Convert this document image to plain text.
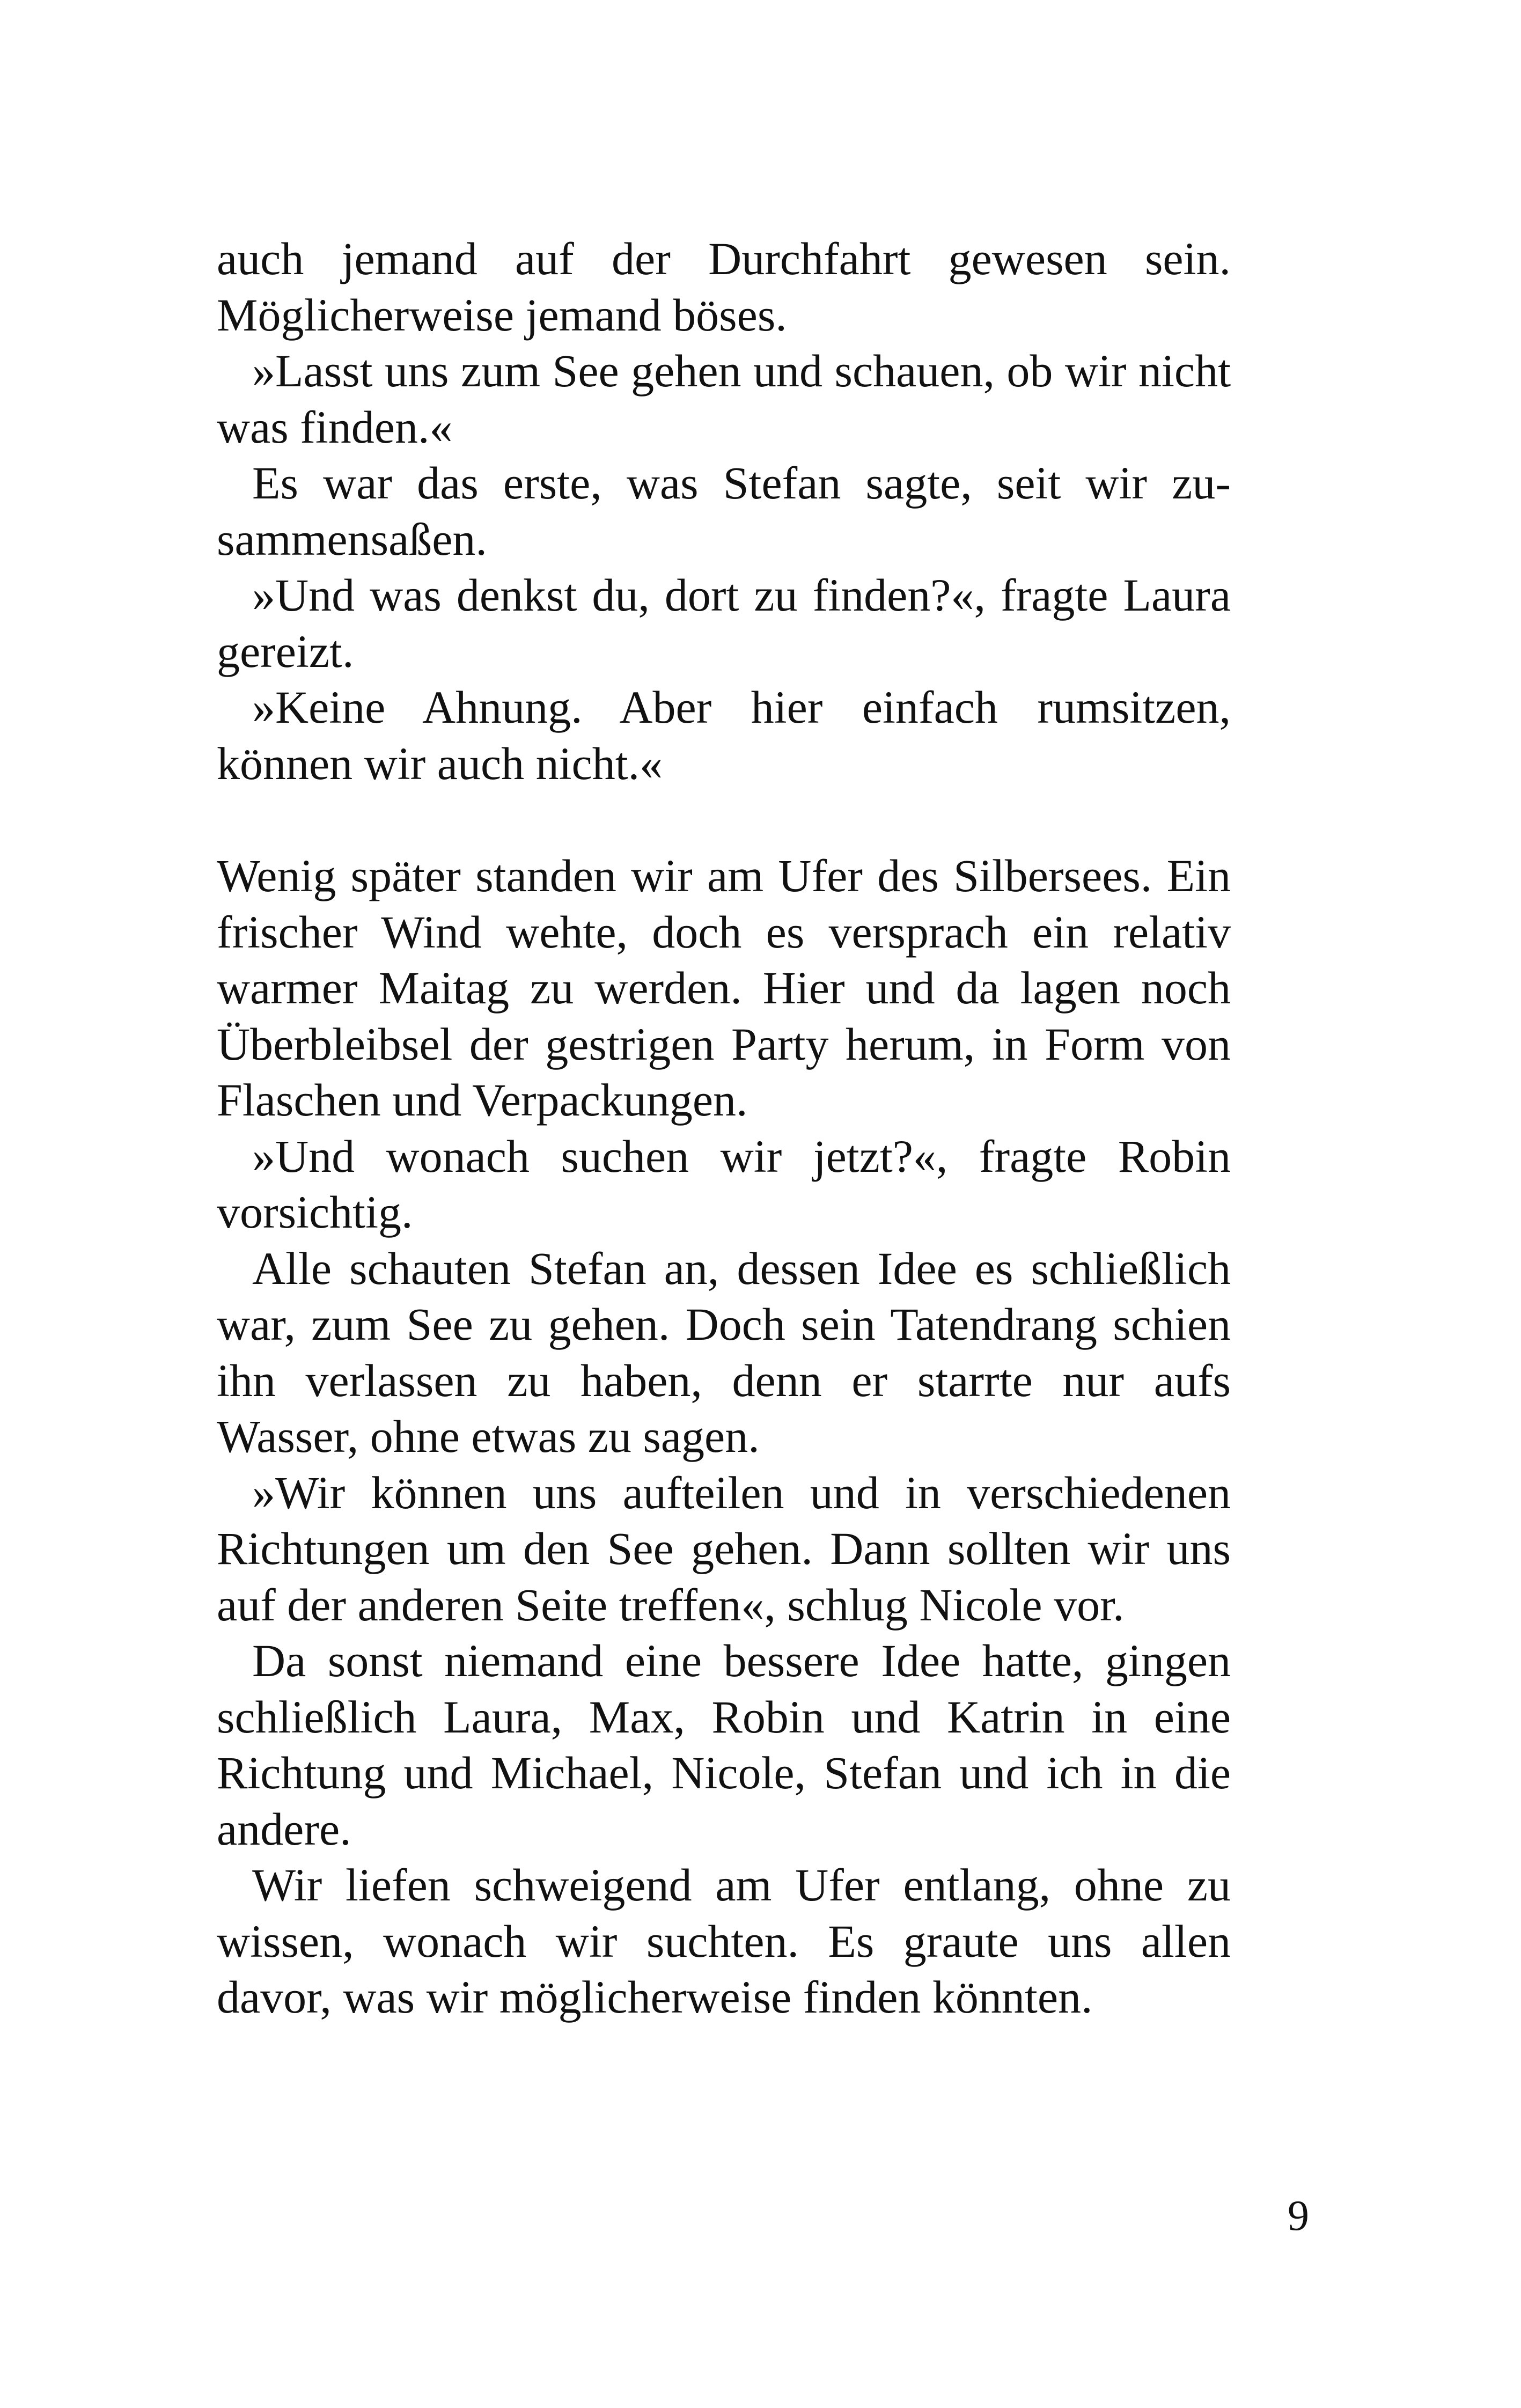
auch jemand auf der Durchfahrt gewesen sein. Möglicherweise jemand böses.

»Lasst uns zum See gehen und schauen, ob wir nicht was finden.«

Es war das erste, was Stefan sagte, seit wir zusammensaßen.

»Und was denkst du, dort zu finden?«, fragte Laura gereizt.

»Keine Ahnung. Aber hier einfach rumsitzen, können wir auch nicht.«

Wenig später standen wir am Ufer des Silbersees. Ein frischer Wind wehte, doch es versprach ein relativ warmer Maitag zu werden. Hier und da lagen noch Überbleibsel der gestrigen Party herum, in Form von Flaschen und Verpackungen.

»Und wonach suchen wir jetzt?«, fragte Robin vorsichtig.

Alle schauten Stefan an, dessen Idee es schließlich war, zum See zu gehen. Doch sein Tatendrang schien ihn verlassen zu haben, denn er starrte nur aufs Wasser, ohne etwas zu sagen.

»Wir können uns aufteilen und in verschiedenen Richtungen um den See gehen. Dann sollten wir uns auf der anderen Seite treffen«, schlug Nicole vor.

Da sonst niemand eine bessere Idee hatte, gingen schließlich Laura, Max, Robin und Katrin in eine Richtung und Michael, Nicole, Stefan und ich in die andere.

Wir liefen schweigend am Ufer entlang, ohne zu wissen, wonach wir suchten. Es graute uns allen davor, was wir möglicherweise finden könnten.

9
